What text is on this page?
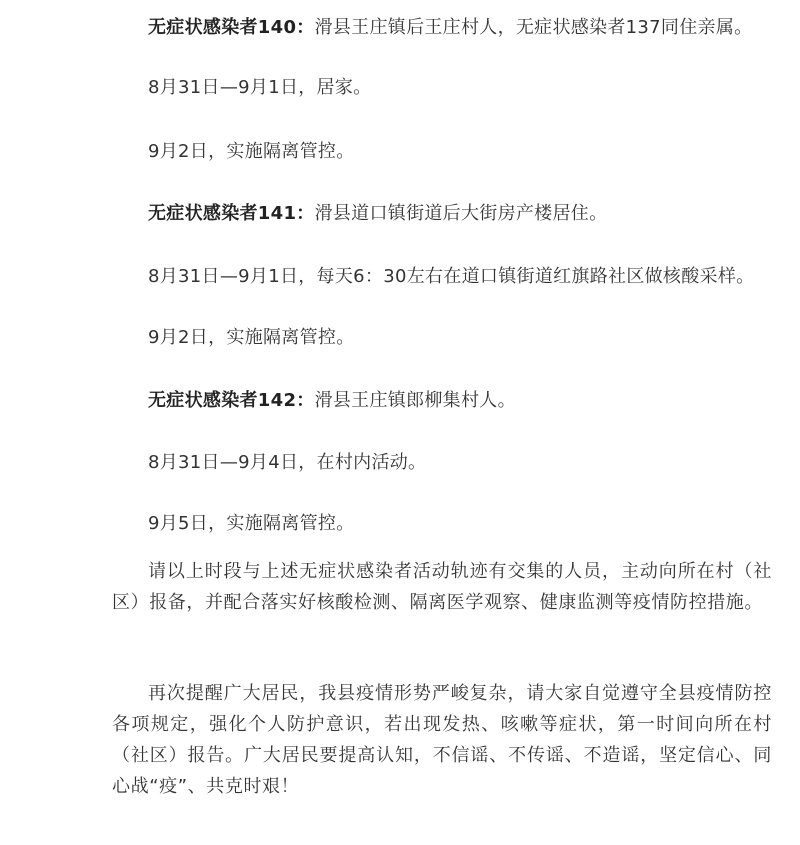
无症状感染者140：滑县王庄镇后王庄村人，无症状感染者137同住亲属。
8月31日—9月1日，居家。
9月2日，实施隔离管控。
无症状感染者141：滑县道口镇街道后大街房产楼居住。
8月31日—9月1日，每天6：30左右在道口镇街道红旗路社区做核酸采样。
9月2日，实施隔离管控。
无症状感染者142：滑县王庄镇郎柳集村人。
8月31日—9月4日，在村内活动。
9月5日，实施隔离管控。

请以上时段与上述无症状感染者活动轨迹有交集的人员，主动向所在村（社区）报备，并配合落实好核酸检测、隔离医学观察、健康监测等疫情防控措施。

再次提醒广大居民，我县疫情形势严峻复杂，请大家自觉遵守全县疫情防控各项规定，强化个人防护意识，若出现发热、咳嗽等症状，第一时间向所在村（社区）报告。广大居民要提高认知，不信谣、不传谣、不造谣，坚定信心、同心战“疫”、共克时艰！
